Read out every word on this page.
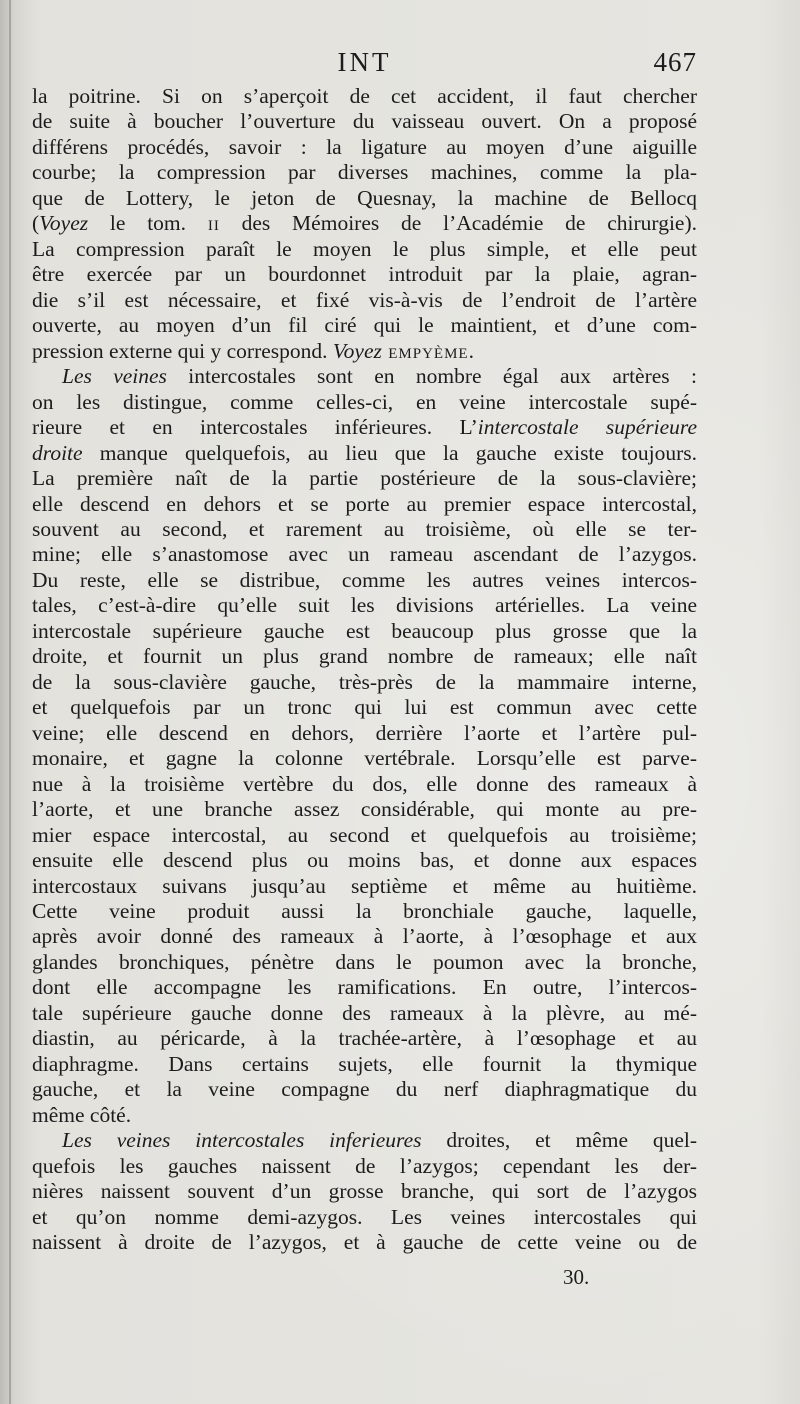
INT	467
la poitrine. Si on s’aperçoit de cet accident, il faut chercher
de suite à boucher l’ouverture du vaisseau ouvert. On a proposé
différens procédés, savoir : la ligature au moyen d’une aiguille
courbe; la compression par diverses machines, comme la pla-
que de Lottery, le jeton de Quesnay, la machine de Bellocq
(Voyez le tom. ii des Mémoires de l’Académie de chirurgie).
La compression paraît le moyen le plus simple, et elle peut
être exercée par un bourdonnet introduit par la plaie, agran-
die s’il est nécessaire, et fixé vis-à-vis de l’endroit de l’artère
ouverte, au moyen d’un fil ciré qui le maintient, et d’une com-
pression externe qui y correspond. Voyez empyème.
Les veines intercostales sont en nombre égal aux artères :
on les distingue, comme celles-ci, en veine intercostale supé-
rieure et en intercostales inférieures. L’intercostale supérieure
droite manque quelquefois, au lieu que la gauche existe toujours.
La première naît de la partie postérieure de la sous-clavière;
elle descend en dehors et se porte au premier espace intercostal,
souvent au second, et rarement au troisième, où elle se ter-
mine; elle s’anastomose avec un rameau ascendant de l’azygos.
Du reste, elle se distribue, comme les autres veines intercos-
tales, c’est-à-dire qu’elle suit les divisions artérielles. La veine
intercostale supérieure gauche est beaucoup plus grosse que la
droite, et fournit un plus grand nombre de rameaux; elle naît
de la sous-clavière gauche, très-près de la mammaire interne,
et quelquefois par un tronc qui lui est commun avec cette
veine; elle descend en dehors, derrière l’aorte et l’artère pul-
monaire, et gagne la colonne vertébrale. Lorsqu’elle est parve-
nue à la troisième vertèbre du dos, elle donne des rameaux à
l’aorte, et une branche assez considérable, qui monte au pre-
mier espace intercostal, au second et quelquefois au troisième;
ensuite elle descend plus ou moins bas, et donne aux espaces
intercostaux suivans jusqu’au septième et même au huitième.
Cette veine produit aussi la bronchiale gauche, laquelle,
après avoir donné des rameaux à l’aorte, à l’œsophage et aux
glandes bronchiques, pénètre dans le poumon avec la bronche,
dont elle accompagne les ramifications. En outre, l’intercos-
tale supérieure gauche donne des rameaux à la plèvre, au mé-
diastin, au péricarde, à la trachée-artère, à l’œsophage et au
diaphragme. Dans certains sujets, elle fournit la thymique
gauche, et la veine compagne du nerf diaphragmatique du
même côté.
Les veines intercostales inferieures droites, et même quel-
quefois les gauches naissent de l’azygos; cependant les der-
nières naissent souvent d’un grosse branche, qui sort de l’azygos
et qu’on nomme demi-azygos. Les veines intercostales qui
naissent à droite de l’azygos, et à gauche de cette veine ou de
30.
